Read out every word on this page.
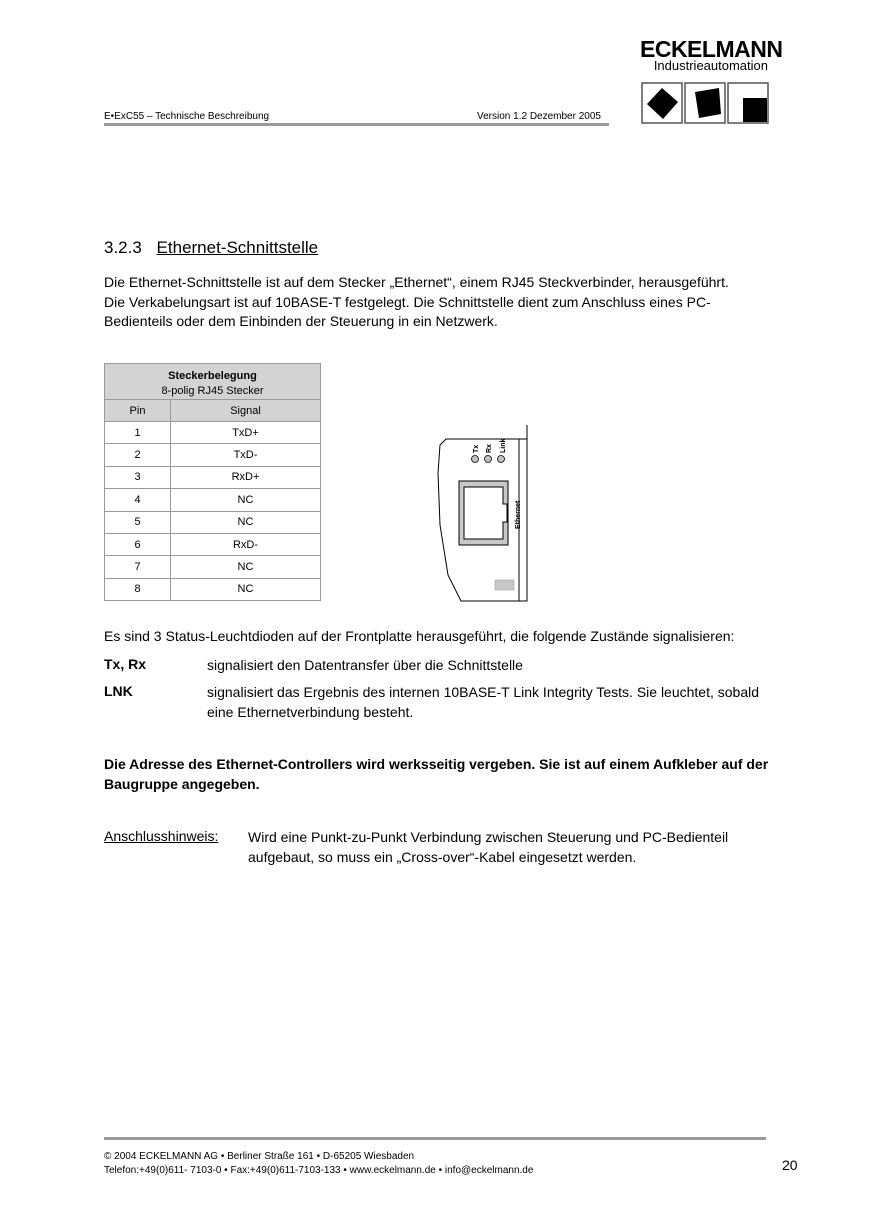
E•ExC55 – Technische Beschreibung	Version 1.2 Dezember 2005
ECKELMANN
Industrieautomation
3.2.3 Ethernet-Schnittstelle
Die Ethernet-Schnittstelle ist auf dem Stecker „Ethernet“, einem RJ45 Steckverbinder, herausgeführt.
Die Verkabelungsart ist auf 10BASE-T festgelegt. Die Schnittstelle dient zum Anschluss eines PC-
Bedienteils oder dem Einbinden der Steuerung in ein Netzwerk.
Steckerbelegung	
8-polig RJ45 Stecker	
Pin	Signal
1	TxD+
2	TxD-
3	RxD+
4	NC
5	NC
6	RxD-
7	NC
8	NC
Tx Rx Link
Ethernet
Es sind 3 Status-Leuchtdioden auf der Frontplatte herausgeführt, die folgende Zustände signalisieren:
Tx, Rx	signalisiert den Datentransfer über die Schnittstelle
LNK	signalisiert das Ergebnis des internen 10BASE-T Link Integrity Tests. Sie leuchtet, sobald eine Ethernetverbindung besteht.
Die Adresse des Ethernet-Controllers wird werksseitig vergeben. Sie ist auf einem Aufkleber auf der Baugruppe angegeben.
Anschlusshinweis: Wird eine Punkt-zu-Punkt Verbindung zwischen Steuerung und PC-Bedienteil aufgebaut, so muss ein „Cross-over“-Kabel eingesetzt werden.
© 2004 ECKELMANN AG • Berliner Straße 161 • D-65205 Wiesbaden
Telefon:+49(0)611- 7103-0 • Fax:+49(0)611-7103-133 • www.eckelmann.de • info@eckelmann.de	20
